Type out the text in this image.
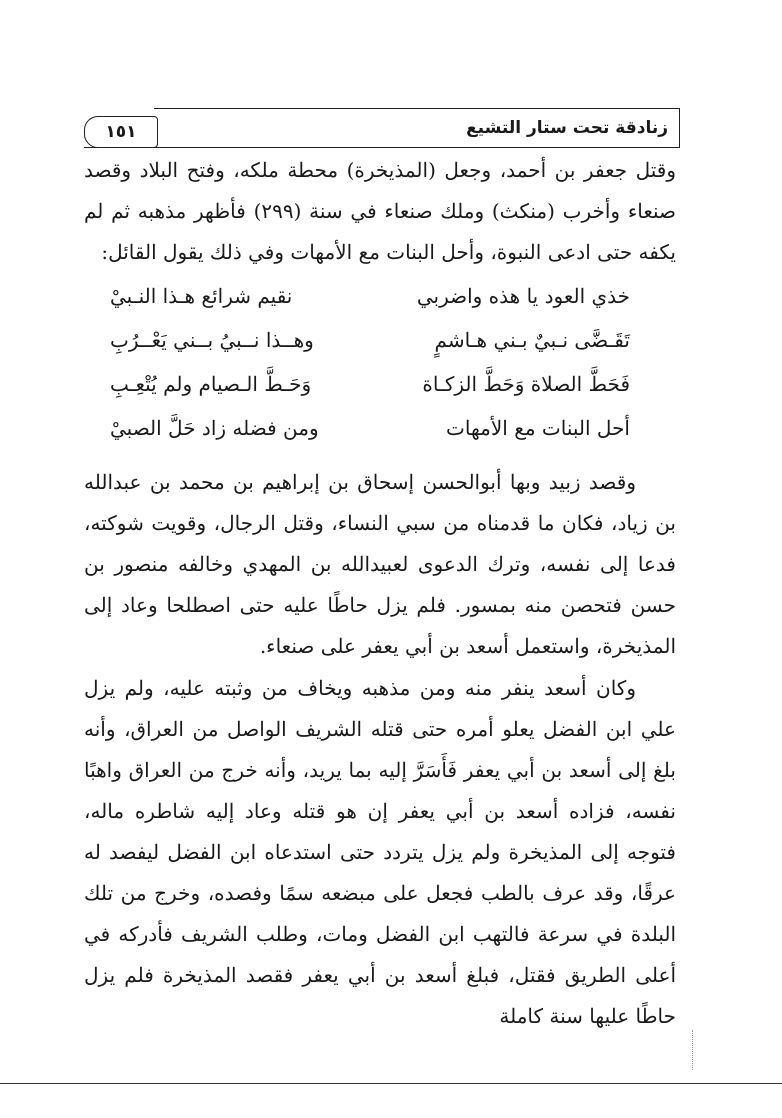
١٥١	زنادقة تحت ستار التشيع
وقتل جعفر بن أحمد، وجعل (المذيخرة) محطة ملكه، وفتح البلاد وقصد صنعاء وأخرب (منكث) وملك صنعاء في سنة (٢٩٩) فأظهر مذهبه ثم لم يكفه حتى ادعى النبوة، وأحل البنات مع الأمهات وفي ذلك يقول القائل:
خذي العود يا هذه واضربي
نقيم شرائع هـذا النـبيْ
تَقَـضَّى نـبيٌ بـني هـاشمٍ
وهــذا نــبيُ بــني يَعْــرُبِ
فَحَطَّ الصلاة وَحَطَّ الزكـاة
وَحَـطَّ الـصيام ولم يُتْعِـبِ
أحل البنات مع الأمهات
ومن فضله زاد حَلَّ الصبيْ
وقصد زبيد وبها أبوالحسن إسحاق بن إبراهيم بن محمد بن عبدالله بن زياد، فكان ما قدمناه من سبي النساء، وقتل الرجال، وقويت شوكته، فدعا إلى نفسه، وترك الدعوى لعبيدالله بن المهدي وخالفه منصور بن حسن فتحصن منه بمسور. فلم يزل حاطًا عليه حتى اصطلحا وعاد إلى المذيخرة، واستعمل أسعد بن أبي يعفر على صنعاء.
وكان أسعد ينفر منه ومن مذهبه ويخاف من وثبته عليه، ولم يزل علي ابن الفضل يعلو أمره حتى قتله الشريف الواصل من العراق، وأنه بلغ إلى أسعد بن أبي يعفر فَأَسَرَّ إليه بما يريد، وأنه خرج من العراق واهبًا نفسه، فزاده أسعد بن أبي يعفر إن هو قتله وعاد إليه شاطره ماله، فتوجه إلى المذيخرة ولم يزل يتردد حتى استدعاه ابن الفضل ليفصد له عرقًا، وقد عرف بالطب فجعل على مبضعه سمًا وفصده، وخرج من تلك البلدة في سرعة فالتهب ابن الفضل ومات، وطلب الشريف فأدركه في أعلى الطريق فقتل، فبلغ أسعد بن أبي يعفر فقصد المذيخرة فلم يزل حاطًا عليها سنة كاملة
